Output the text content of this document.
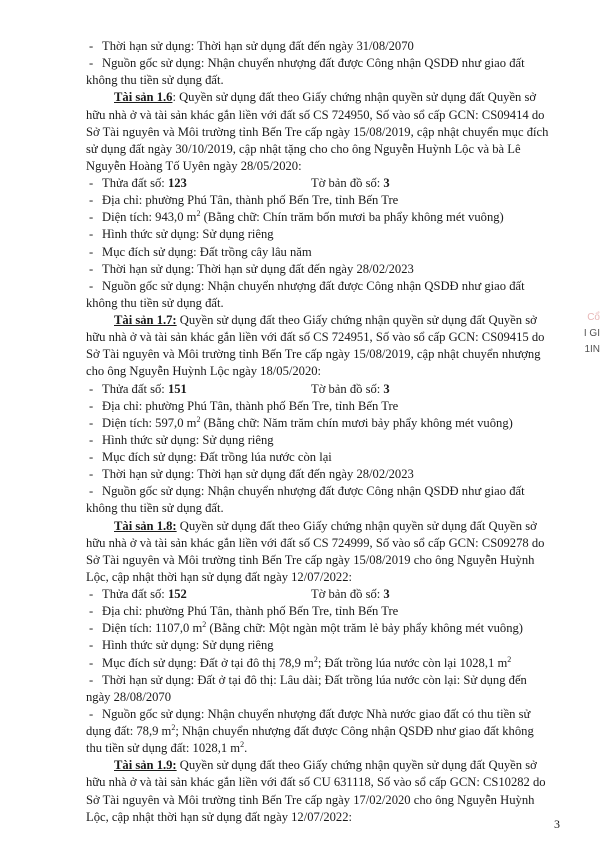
- Thời hạn sử dụng: Thời hạn sử dụng đất đến ngày 31/08/2070
- Nguồn gốc sử dụng: Nhận chuyển nhượng đất được Công nhận QSDĐ như giao đất
không thu tiền sử dụng đất.
Tài sản 1.6: Quyền sử dụng đất theo Giấy chứng nhận quyền sử dụng đất Quyền sở
hữu nhà ở và tài sản khác gắn liền với đất số CS 724950, Số vào sổ cấp GCN: CS09414 do
Sở Tài nguyên và Môi trường tỉnh Bến Tre cấp ngày 15/08/2019, cập nhật chuyển mục đích
sử dụng đất ngày 30/10/2019, cập nhật tặng cho cho ông Nguyễn Huỳnh Lộc và bà Lê
Nguyễn Hoàng Tố Uyên ngày 28/05/2020:
- Thửa đất số: 123	Tờ bản đồ số: 3
- Địa chỉ: phường Phú Tân, thành phố Bến Tre, tỉnh Bến Tre
- Diện tích: 943,0 $m^2$ (Bằng chữ: Chín trăm bốn mươi ba phẩy không mét vuông)
- Hình thức sử dụng: Sử dụng riêng
- Mục đích sử dụng: Đất trồng cây lâu năm
- Thời hạn sử dụng: Thời hạn sử dụng đất đến ngày 28/02/2023
- Nguồn gốc sử dụng: Nhận chuyển nhượng đất được Công nhận QSDĐ như giao đất
không thu tiền sử dụng đất.
Tài sản 1.7: Quyền sử dụng đất theo Giấy chứng nhận quyền sử dụng đất Quyền sở
hữu nhà ở và tài sản khác gắn liền với đất số CS 724951, Số vào sổ cấp GCN: CS09415 do
Sở Tài nguyên và Môi trường tỉnh Bến Tre cấp ngày 15/08/2019, cập nhật chuyển nhượng
cho ông Nguyễn Huỳnh Lộc ngày 18/05/2020:
- Thửa đất số: 151	Tờ bản đồ số: 3
- Địa chỉ: phường Phú Tân, thành phố Bến Tre, tỉnh Bến Tre
- Diện tích: 597,0 $m^2$ (Bằng chữ: Năm trăm chín mươi bảy phẩy không mét vuông)
- Hình thức sử dụng: Sử dụng riêng
- Mục đích sử dụng: Đất trồng lúa nước còn lại
- Thời hạn sử dụng: Thời hạn sử dụng đất đến ngày 28/02/2023
- Nguồn gốc sử dụng: Nhận chuyển nhượng đất được Công nhận QSDĐ như giao đất
không thu tiền sử dụng đất.
Tài sản 1.8: Quyền sử dụng đất theo Giấy chứng nhận quyền sử dụng đất Quyền sở
hữu nhà ở và tài sản khác gắn liền với đất số CS 724999, Số vào sổ cấp GCN: CS09278 do
Sở Tài nguyên và Môi trường tỉnh Bến Tre cấp ngày 15/08/2019 cho ông Nguyễn Huỳnh
Lộc, cập nhật thời hạn sử dụng đất ngày 12/07/2022:
- Thửa đất số: 152	Tờ bản đồ số: 3
- Địa chỉ: phường Phú Tân, thành phố Bến Tre, tỉnh Bến Tre
- Diện tích: 1107,0 $m^2$ (Bằng chữ: Một ngàn một trăm lẻ bảy phẩy không mét vuông)
- Hình thức sử dụng: Sử dụng riêng
- Mục đích sử dụng: Đất ở tại đô thị 78,9 $m^2$; Đất trồng lúa nước còn lại 1028,1 $m^2$
- Thời hạn sử dụng: Đất ở tại đô thị: Lâu dài; Đất trồng lúa nước còn lại: Sử dụng đến
ngày 28/08/2070
- Nguồn gốc sử dụng: Nhận chuyển nhượng đất được Nhà nước giao đất có thu tiền sử
dụng đất: 78,9 $m^2$; Nhận chuyển nhượng đất được Công nhận QSDĐ như giao đất không
thu tiền sử dụng đất: 1028,1 $m^2$.
Tài sản 1.9: Quyền sử dụng đất theo Giấy chứng nhận quyền sử dụng đất Quyền sở
hữu nhà ở và tài sản khác gắn liền với đất số CU 631118, Số vào sổ cấp GCN: CS10282 do
Sở Tài nguyên và Môi trường tỉnh Bến Tre cấp ngày 17/02/2020 cho ông Nguyễn Huỳnh
Lộc, cập nhật thời hạn sử dụng đất ngày 12/07/2022:
Cổ
I GI
1IN
3
